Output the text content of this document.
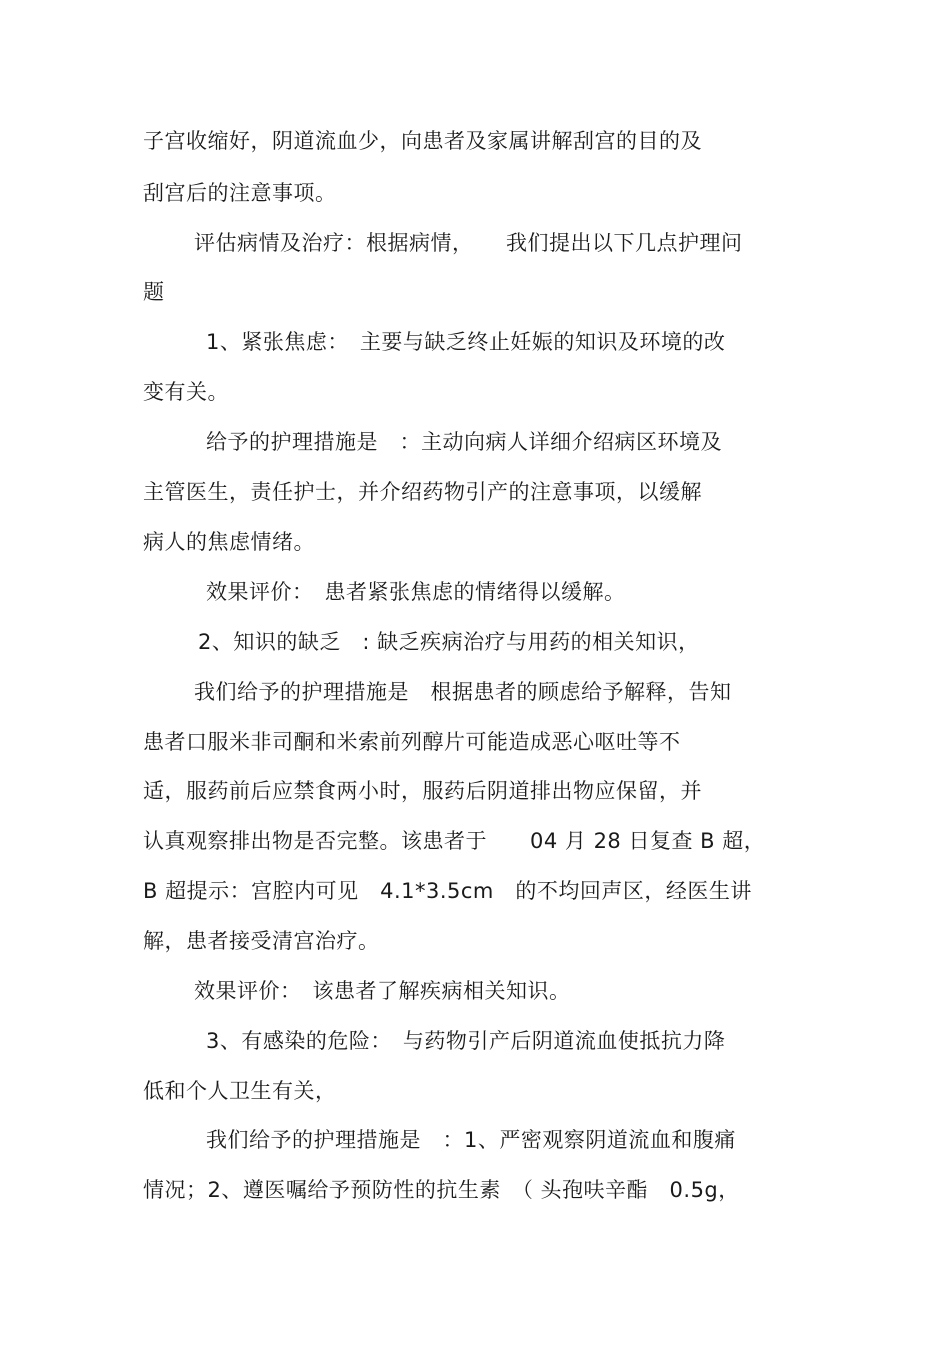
子宫收缩好，阴道流血少，向患者及家属讲解刮宫的目的及
刮宫后的注意事项。
评估病情及治疗：根据病情，　　我们提出以下几点护理问
题
1、紧张焦虑：　主要与缺乏终止妊娠的知识及环境的改
变有关。
给予的护理措施是　：主动向病人详细介绍病区环境及
主管医生，责任护士，并介绍药物引产的注意事项，以缓解
病人的焦虑情绪。
效果评价：　患者紧张焦虑的情绪得以缓解。
2、知识的缺乏　: 缺乏疾病治疗与用药的相关知识，
我们给予的护理措施是　根据患者的顾虑给予解释，告知
患者口服米非司酮和米索前列醇片可能造成恶心呕吐等不
适，服药前后应禁食两小时，服药后阴道排出物应保留，并
认真观察排出物是否完整。该患者于　　04 月 28 日复查 B 超，
B 超提示：宫腔内可见　4.1*3.5cm　的不均回声区，经医生讲
解，患者接受清宫治疗。
效果评价：　该患者了解疾病相关知识。
3、有感染的危险：　与药物引产后阴道流血使抵抗力降
低和个人卫生有关，
我们给予的护理措施是　：1、严密观察阴道流血和腹痛
情况；2、遵医嘱给予预防性的抗生素　（ 头孢呋辛酯　0.5g，
